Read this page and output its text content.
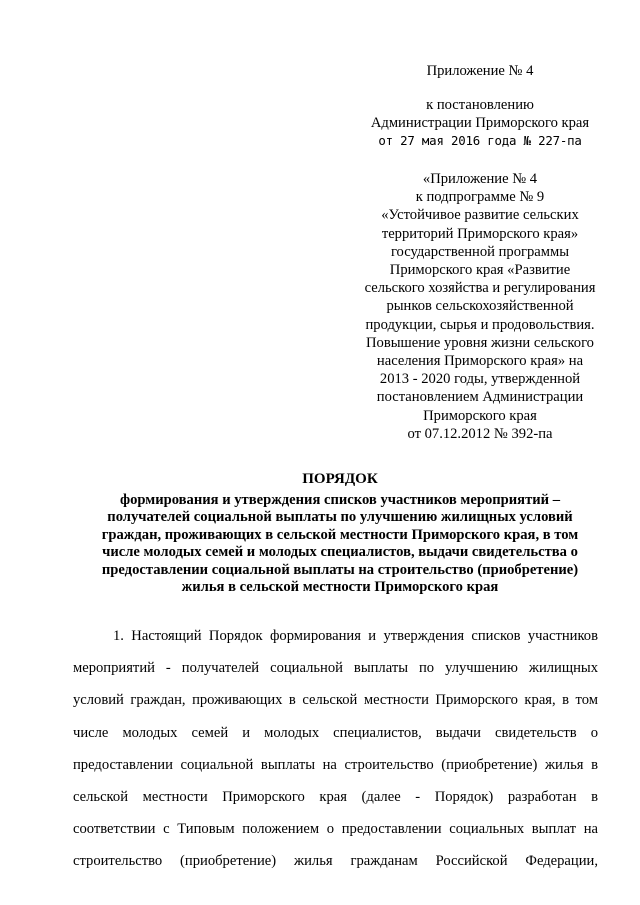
Приложение № 4
к постановлению
Администрации Приморского края
от 27 мая 2016 года № 227-па
«Приложение № 4
к подпрограмме № 9
«Устойчивое развитие сельских
территорий Приморского края»
государственной программы
Приморского края «Развитие
сельского хозяйства и регулирования
рынков сельскохозяйственной
продукции, сырья и продовольствия.
Повышение уровня жизни сельского
населения Приморского края» на
2013 - 2020 годы, утвержденной
постановлением Администрации
Приморского края
от 07.12.2012 № 392-па
ПОРЯДОК
формирования и утверждения списков участников мероприятий –
получателей социальной выплаты по улучшению жилищных условий
граждан, проживающих в сельской местности Приморского края, в том
числе молодых семей и молодых специалистов, выдачи свидетельства о
предоставлении социальной выплаты на строительство (приобретение)
жилья в сельской местности Приморского края
1. Настоящий Порядок формирования и утверждения списков участников
мероприятий - получателей социальной выплаты по улучшению жилищных
условий граждан, проживающих в сельской местности Приморского края, в том
числе молодых семей и молодых специалистов, выдачи свидетельств о
предоставлении социальной выплаты на строительство (приобретение) жилья в
сельской местности Приморского края (далее - Порядок) разработан в
соответствии с Типовым положением о предоставлении социальных выплат на
строительство (приобретение) жилья гражданам Российской Федерации,
